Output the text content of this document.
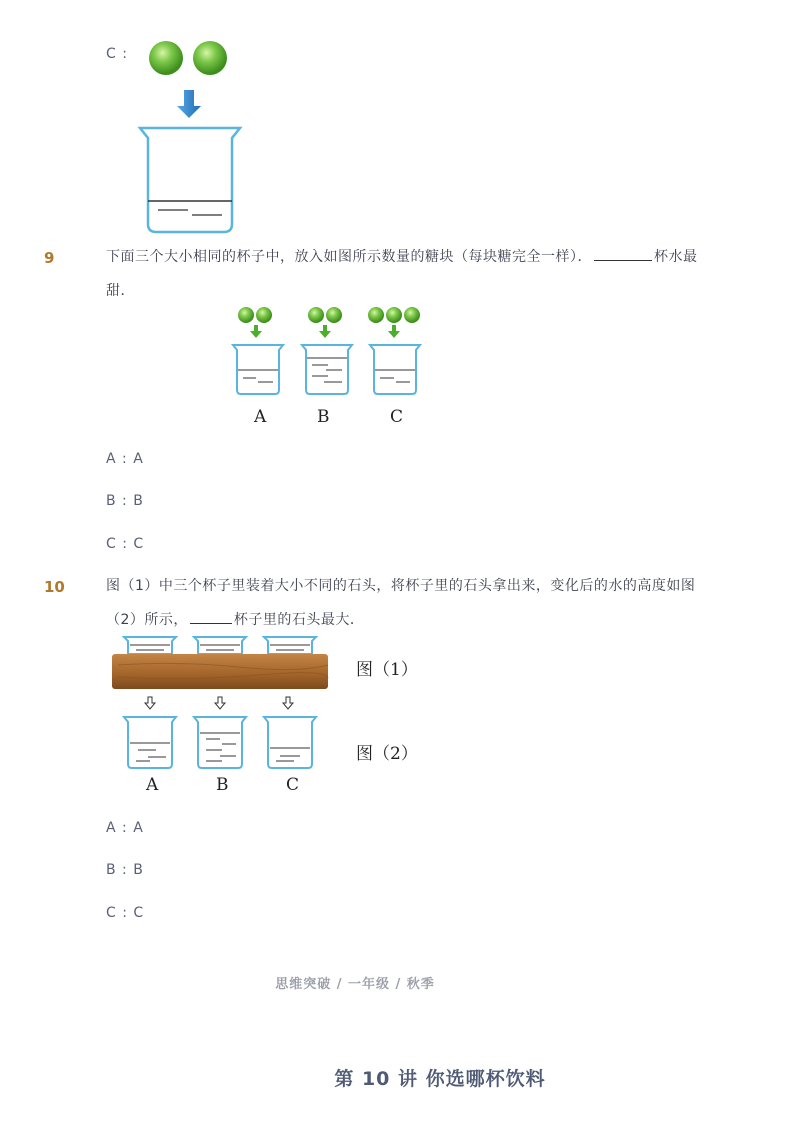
C :
9	下面三个大小相同的杯子中，放入如图所示数量的糖块（每块糖完全一样）．	杯水最
甜．
A	B	C
A : A
B : B
C : C
10	图（1）中三个杯子里装着大小不同的石头，将杯子里的石头拿出来，变化后的水的高度如图
（2）所示，	杯子里的石头最大．
图（1）
图（2）
A	B	C
A : A
B : B
C : C
思维突破 / 一年级 / 秋季
第 10 讲 你选哪杯饮料
